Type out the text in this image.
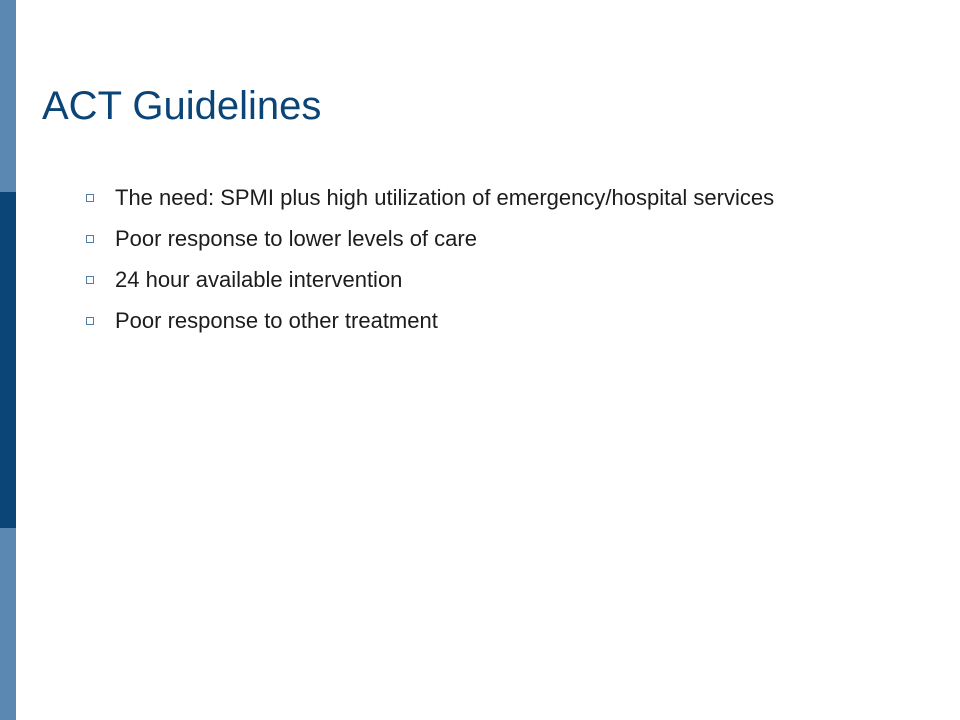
ACT Guidelines
The need: SPMI plus high utilization of emergency/hospital services
Poor response to lower levels of care
24 hour available intervention
Poor response to other treatment
